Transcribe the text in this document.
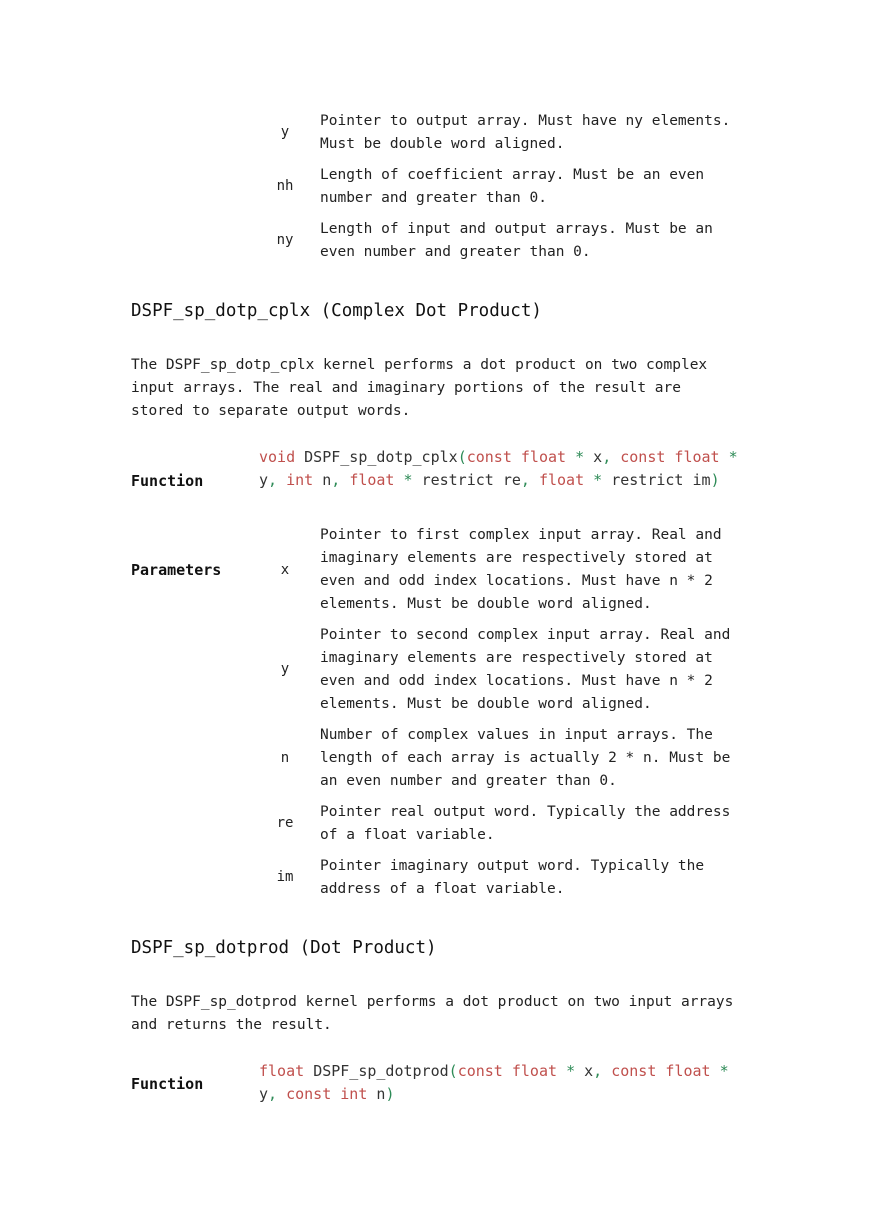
y
Pointer to output array. Must have ny elements. Must be double word aligned.
nh
Length of coefficient array. Must be an even number and greater than 0.
ny
Length of input and output arrays. Must be an even number and greater than 0.
DSPF_sp_dotp_cplx (Complex Dot Product)
The DSPF_sp_dotp_cplx kernel performs a dot product on two complex input arrays. The real and imaginary portions of the result are stored to separate output words.
Function
void DSPF_sp_dotp_cplx(const float * x, const float * y, int n, float * restrict re, float * restrict im)
Parameters	x
Pointer to first complex input array. Real and imaginary elements are respectively stored at even and odd index locations. Must have n * 2 elements. Must be double word aligned.
y
Pointer to second complex input array. Real and imaginary elements are respectively stored at even and odd index locations. Must have n * 2 elements. Must be double word aligned.
n
Number of complex values in input arrays. The length of each array is actually 2 * n. Must be an even number and greater than 0.
re
Pointer real output word. Typically the address of a float variable.
im
Pointer imaginary output word. Typically the address of a float variable.
DSPF_sp_dotprod (Dot Product)
The DSPF_sp_dotprod kernel performs a dot product on two input arrays and returns the result.
Function
float DSPF_sp_dotprod(const float * x, const float * y, const int n)
